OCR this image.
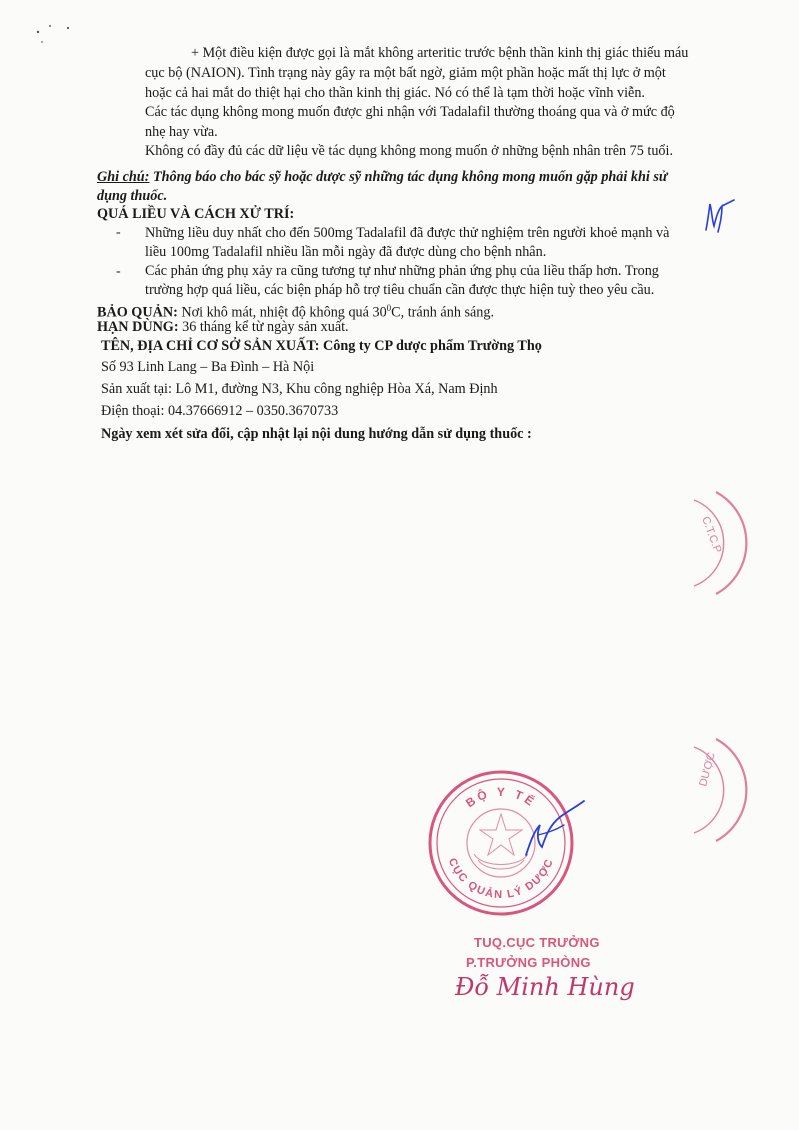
+ Một điều kiện được gọi là mắt không arteritic trước bệnh thần kinh thị giác thiếu máu
cục bộ (NAION). Tình trạng này gây ra một bất ngờ, giảm một phần hoặc mất thị lực ở một
hoặc cả hai mắt do thiệt hại cho thần kinh thị giác. Nó có thể là tạm thời hoặc vĩnh viễn.
Các tác dụng không mong muốn được ghi nhận với Tadalafil thường thoáng qua và ở mức độ
nhẹ hay vừa.
Không có đầy đủ các dữ liệu về tác dụng không mong muốn ở những bệnh nhân trên 75 tuổi.
Ghi chú: Thông báo cho bác sỹ hoặc dược sỹ những tác dụng không mong muốn gặp phải khi sử
dụng thuốc.
QUÁ LIỀU VÀ CÁCH XỬ TRÍ:
- Những liều duy nhất cho đến 500mg Tadalafil đã được thử nghiệm trên người khoẻ mạnh và
liều 100mg Tadalafil nhiều lần mỗi ngày đã được dùng cho bệnh nhân.
- Các phản ứng phụ xảy ra cũng tương tự như những phản ứng phụ của liều thấp hơn. Trong
trường hợp quá liều, các biện pháp hỗ trợ tiêu chuẩn cần được thực hiện tuỳ theo yêu cầu.
BẢO QUẢN: Nơi khô mát, nhiệt độ không quá $30^0C$, tránh ánh sáng.
HẠN DÙNG: 36 tháng kể từ ngày sản xuất.
TÊN, ĐỊA CHỈ CƠ SỞ SẢN XUẤT: Công ty CP dược phẩm Trường Thọ
Số 93 Linh Lang – Ba Đình – Hà Nội
Sản xuất tại: Lô M1, đường N3, Khu công nghiệp Hòa Xá, Nam Định
Điện thoại: 04.37666912 – 0350.3670733
Ngày xem xét sửa đổi, cập nhật lại nội dung hướng dẫn sử dụng thuốc :
C.T.C.P
DƯỢC
BỘ Y TẾ
CỤC QUẢN LÝ DƯỢC
TUQ.CỤC TRƯỞNG
P.TRƯỞNG PHÒNG
Đỗ Minh Hùng
